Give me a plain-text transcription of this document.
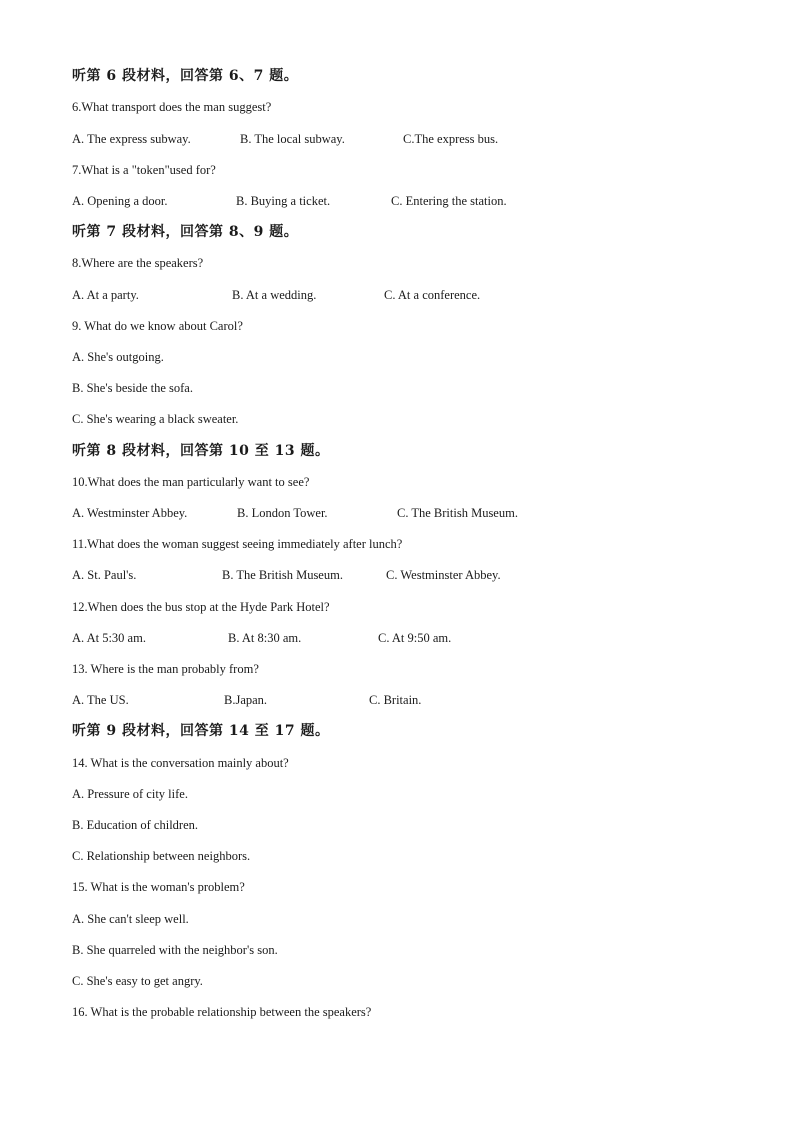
听第 6 段材料，回答第 6、7 题。
6.What transport does the man suggest?
A. The express subway.	B. The local subway.	C.The express bus.
7.What is a "token"used for?
A. Opening a door.	B. Buying a ticket.	C. Entering the station.
听第 7 段材料，回答第 8、9 题。
8.Where are the speakers?
A. At a party.	B. At a wedding.	C. At a conference.
9. What do we know about Carol?
A. She's outgoing.
B. She's beside the sofa.
C. She's wearing a black sweater.
听第 8 段材料，回答第 10 至 13 题。
10.What does the man particularly want to see?
A. Westminster Abbey.	B. London Tower.	C. The British Museum.
11.What does the woman suggest seeing immediately after lunch?
A. St. Paul's.	B. The British Museum.	C. Westminster Abbey.
12.When does the bus stop at the Hyde Park Hotel?
A. At 5:30 am.	B. At 8:30 am.	C. At 9:50 am.
13. Where is the man probably from?
A. The US.	B.Japan.	C. Britain.
听第 9 段材料，回答第 14 至 17 题。
14. What is the conversation mainly about?
A. Pressure of city life.
B. Education of children.
C. Relationship between neighbors.
15. What is the woman's problem?
A. She can't sleep well.
B. She quarreled with the neighbor's son.
C. She's easy to get angry.
16. What is the probable relationship between the speakers?
